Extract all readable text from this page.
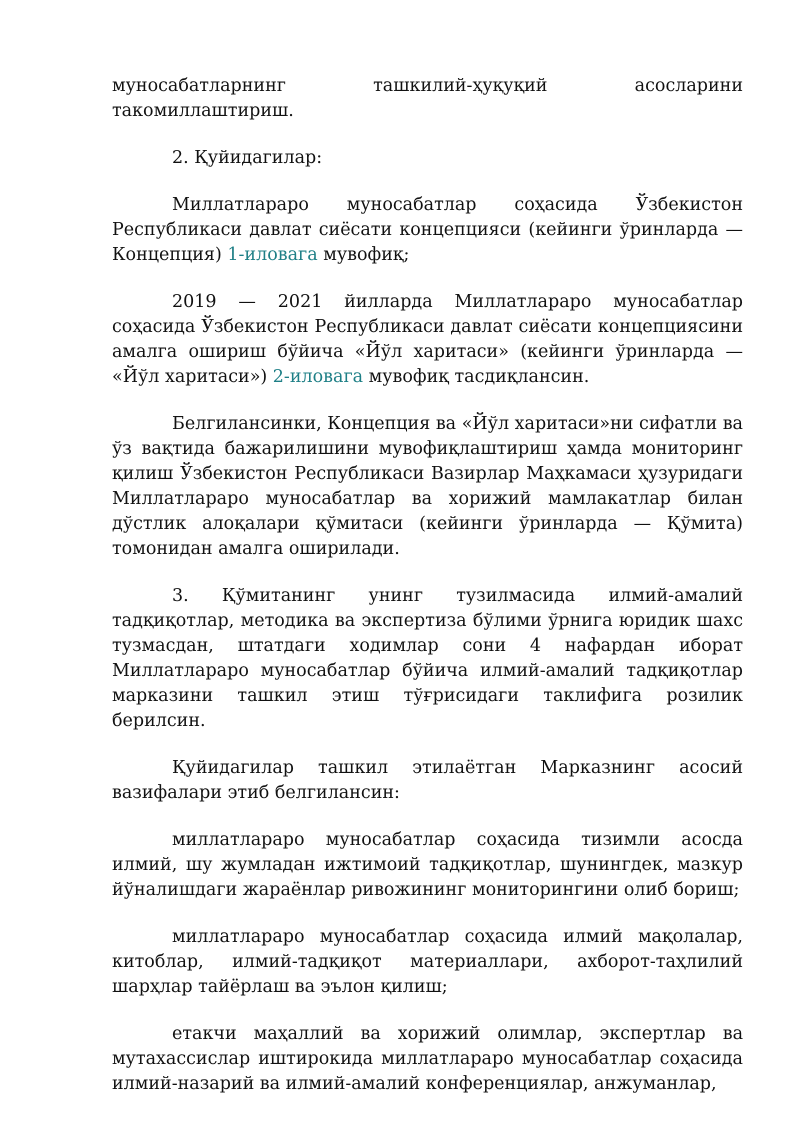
муносабатларнинг ташкилий-ҳуқуқий асосларини такомиллаштириш.

2. Қуйидагилар:

Миллатлараро муносабатлар соҳасида Ўзбекистон Республикаси давлат сиёсати концепцияси (кейинги ўринларда — Концепция) 1-иловага мувофиқ;

2019 — 2021 йилларда Миллатлараро муносабатлар соҳасида Ўзбекистон Республикаси давлат сиёсати концепциясини амалга ошириш бўйича «Йўл харитаси» (кейинги ўринларда — «Йўл харитаси») 2-иловага мувофиқ тасдиқлансин.

Белгилансинки, Концепция ва «Йўл харитаси»ни сифатли ва ўз вақтида бажарилишини мувофиқлаштириш ҳамда мониторинг қилиш Ўзбекистон Республикаси Вазирлар Маҳкамаси ҳузуридаги Миллатлараро муносабатлар ва хорижий мамлакатлар билан дўстлик алоқалари қўмитаси (кейинги ўринларда — Қўмита) томонидан амалга оширилади.

3. Қўмитанинг унинг тузилмасида илмий-амалий тадқиқотлар, методика ва экспертиза бўлими ўрнига юридик шахс тузмасдан, штатдаги ходимлар сони 4 нафардан иборат Миллатлараро муносабатлар бўйича илмий-амалий тадқиқотлар марказини ташкил этиш тўғрисидаги таклифига розилик берилсин.

Қуйидагилар ташкил этилаётган Марказнинг асосий вазифалари этиб белгилансин:

миллатлараро муносабатлар соҳасида тизимли асосда илмий, шу жумладан ижтимоий тадқиқотлар, шунингдек, мазкур йўналишдаги жараёнлар ривожининг мониторингини олиб бориш;

миллатлараро муносабатлар соҳасида илмий мақолалар, китоблар, илмий-тадқиқот материаллари, ахборот-таҳлилий шарҳлар тайёрлаш ва эълон қилиш;

етакчи маҳаллий ва хорижий олимлар, экспертлар ва мутахассислар иштирокида миллатлараро муносабатлар соҳасида илмий-назарий ва илмий-амалий конференциялар, анжуманлар,
